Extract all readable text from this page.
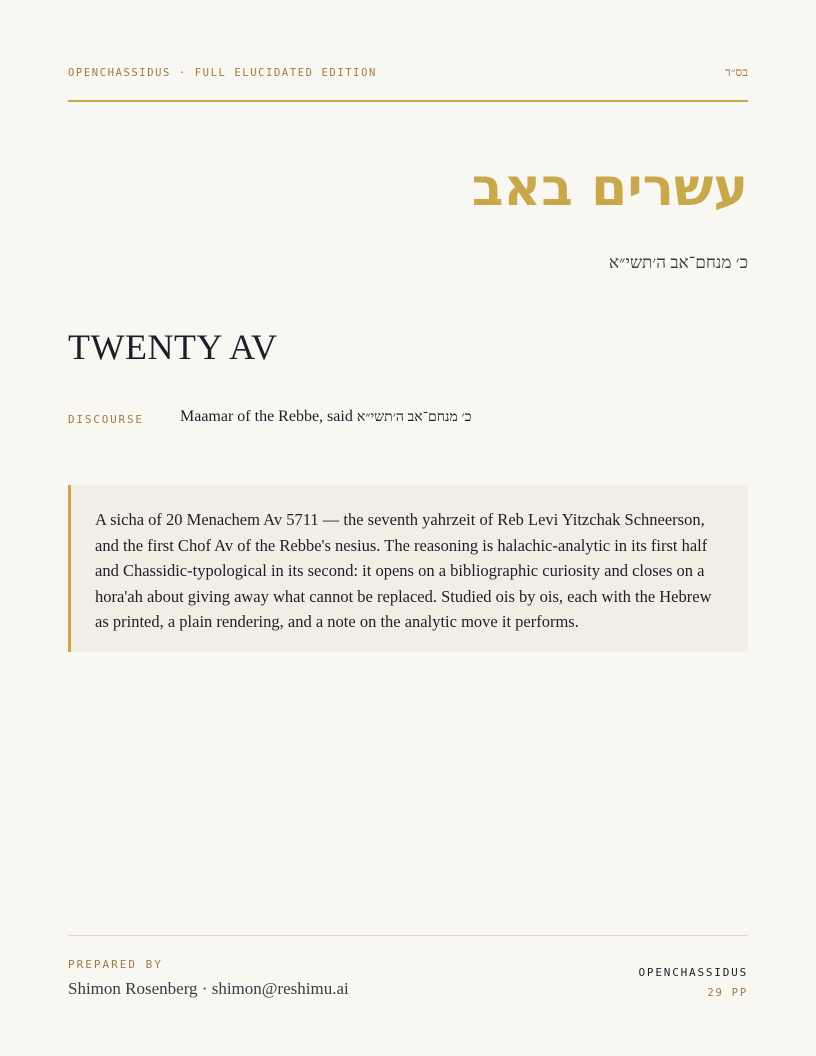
OPENCHASSIDUS · FULL ELUCIDATED EDITION	בס״ד
עשרים באב
כ׳ מנחם־אב ה׳תשי״א
TWENTY AV
DISCOURSE Maamar of the Rebbe, said כ׳ מנחם־אב ה׳תשי״א

A sicha of 20 Menachem Av 5711 — the seventh yahrzeit of Reb Levi Yitzchak Schneerson, and the first Chof Av of the Rebbe's nesius. The reasoning is halachic-analytic in its first half and Chassidic-typological in its second: it opens on a bibliographic curiosity and closes on a hora'ah about giving away what cannot be replaced. Studied ois by ois, each with the Hebrew as printed, a plain rendering, and a note on the analytic move it performs.

PREPARED BY
Shimon Rosenberg · shimon@reshimu.ai
OPENCHASSIDUS
29 PP
